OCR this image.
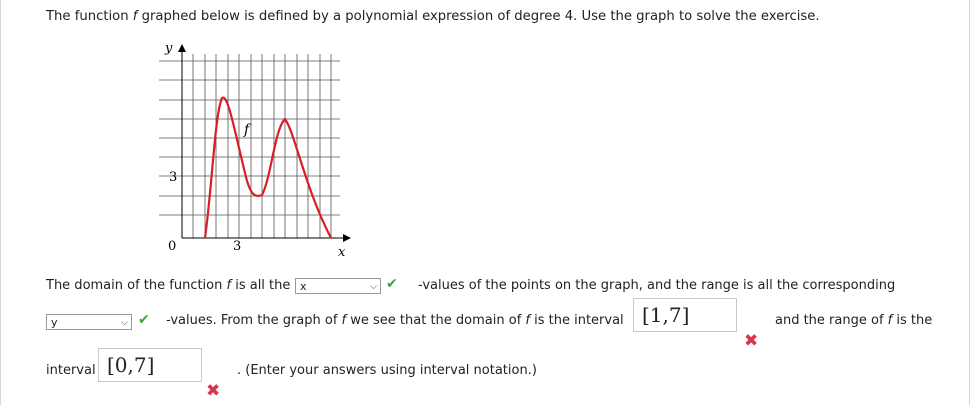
The function f graphed below is defined by a polynomial expression of degree 4. Use the graph to solve the exercise.
y
x
3
0	3
f
The domain of the function f is all the x	⌵ ✔ -values of the points on the graph, and the range is all the corresponding
y	⌵ ✔ -values. From the graph of f we see that the domain of f is the interval [1,7]
✖
and the range of f is the
interval [0,7]
✖
. (Enter your answers using interval notation.)
